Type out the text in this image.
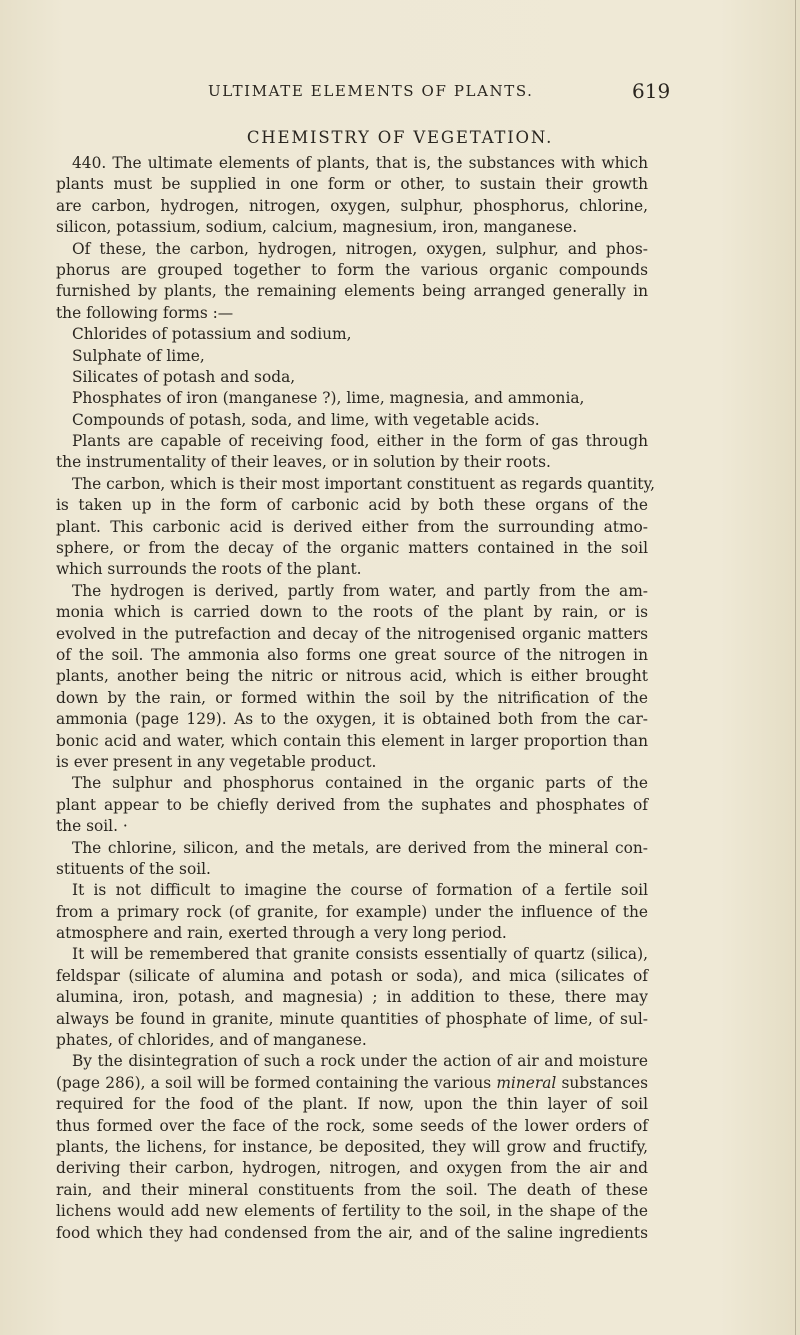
ULTIMATE ELEMENTS OF PLANTS.	619
CHEMISTRY OF VEGETATION.
440. The ultimate elements of plants, that is, the substances with which
plants must be supplied in one form or other, to sustain their growth
are carbon, hydrogen, nitrogen, oxygen, sulphur, phosphorus, chlorine,
silicon, potassium, sodium, calcium, magnesium, iron, manganese.
Of these, the carbon, hydrogen, nitrogen, oxygen, sulphur, and phos-
phorus are grouped together to form the various organic compounds
furnished by plants, the remaining elements being arranged generally in
the following forms :—
Chlorides of potassium and sodium,
Sulphate of lime,
Silicates of potash and soda,
Phosphates of iron (manganese ?), lime, magnesia, and ammonia,
Compounds of potash, soda, and lime, with vegetable acids.
Plants are capable of receiving food, either in the form of gas through
the instrumentality of their leaves, or in solution by their roots.
The carbon, which is their most important constituent as regards quantity,
is taken up in the form of carbonic acid by both these organs of the
plant. This carbonic acid is derived either from the surrounding atmo-
sphere, or from the decay of the organic matters contained in the soil
which surrounds the roots of the plant.
The hydrogen is derived, partly from water, and partly from the am-
monia which is carried down to the roots of the plant by rain, or is
evolved in the putrefaction and decay of the nitrogenised organic matters
of the soil. The ammonia also forms one great source of the nitrogen in
plants, another being the nitric or nitrous acid, which is either brought
down by the rain, or formed within the soil by the nitrification of the
ammonia (page 129). As to the oxygen, it is obtained both from the car-
bonic acid and water, which contain this element in larger proportion than
is ever present in any vegetable product.
The sulphur and phosphorus contained in the organic parts of the
plant appear to be chiefly derived from the suphates and phosphates of
the soil. ·
The chlorine, silicon, and the metals, are derived from the mineral con-
stituents of the soil.
It is not difficult to imagine the course of formation of a fertile soil
from a primary rock (of granite, for example) under the influence of the
atmosphere and rain, exerted through a very long period.
It will be remembered that granite consists essentially of quartz (silica),
feldspar (silicate of alumina and potash or soda), and mica (silicates of
alumina, iron, potash, and magnesia) ; in addition to these, there may
always be found in granite, minute quantities of phosphate of lime, of sul-
phates, of chlorides, and of manganese.
By the disintegration of such a rock under the action of air and moisture
(page 286), a soil will be formed containing the various mineral substances
required for the food of the plant. If now, upon the thin layer of soil
thus formed over the face of the rock, some seeds of the lower orders of
plants, the lichens, for instance, be deposited, they will grow and fructify,
deriving their carbon, hydrogen, nitrogen, and oxygen from the air and
rain, and their mineral constituents from the soil. The death of these
lichens would add new elements of fertility to the soil, in the shape of the
food which they had condensed from the air, and of the saline ingredients
